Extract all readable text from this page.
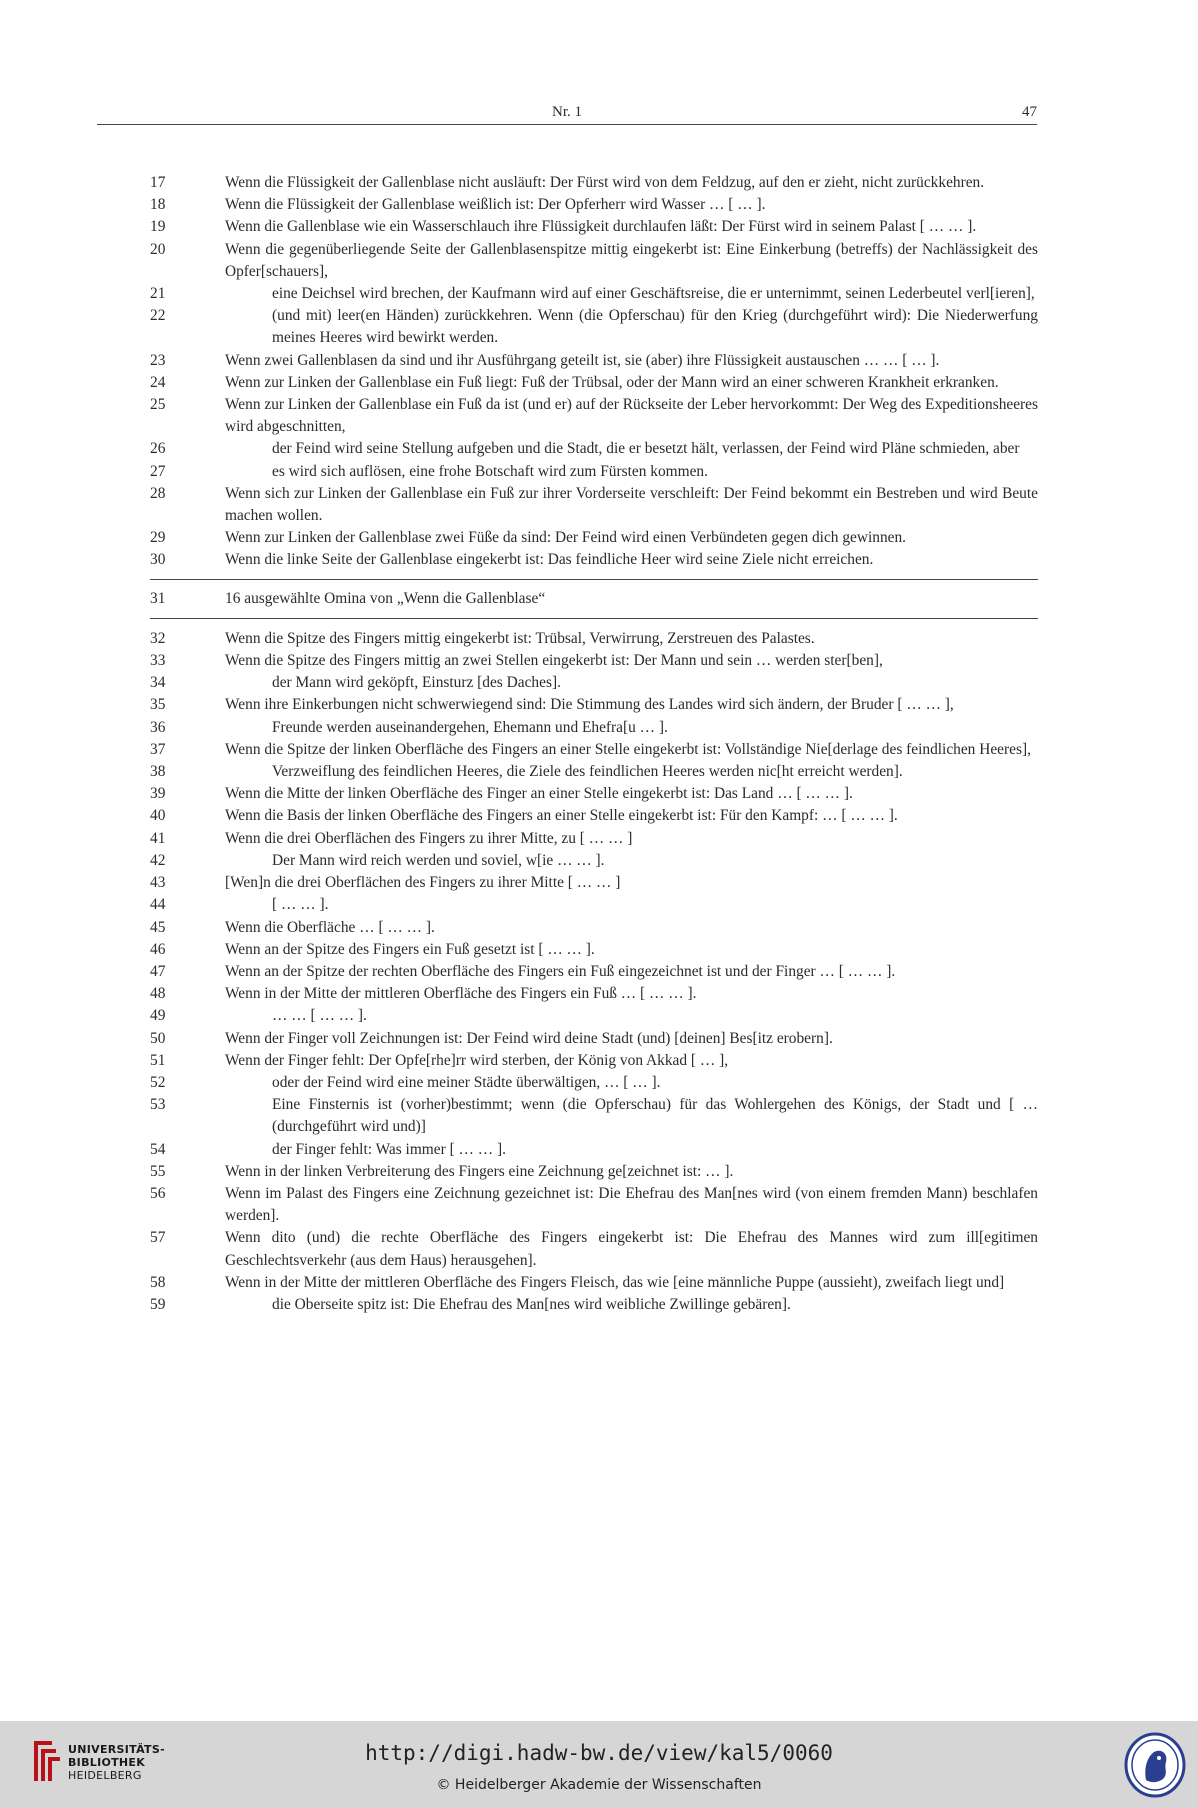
Nr. 1	47
17	Wenn die Flüssigkeit der Gallenblase nicht ausläuft: Der Fürst wird von dem Feldzug, auf den er zieht, nicht zurückkehren.
18	Wenn die Flüssigkeit der Gallenblase weißlich ist: Der Opferherr wird Wasser … [ … ].
19	Wenn die Gallenblase wie ein Wasserschlauch ihre Flüssigkeit durchlaufen läßt: Der Fürst wird in seinem Palast [ … … ].
20	Wenn die gegenüberliegende Seite der Gallenblasenspitze mittig eingekerbt ist: Eine Einkerbung (betreffs) der Nachlässigkeit des Opfer[schauers],
21	eine Deichsel wird brechen, der Kaufmann wird auf einer Geschäftsreise, die er unternimmt, seinen Lederbeutel verl[ieren],
22	(und mit) leer(en Händen) zurückkehren. Wenn (die Opferschau) für den Krieg (durchgeführt wird): Die Niederwerfung meines Heeres wird bewirkt werden.
23	Wenn zwei Gallenblasen da sind und ihr Ausführgang geteilt ist, sie (aber) ihre Flüssigkeit austauschen … … [ … ].
24	Wenn zur Linken der Gallenblase ein Fuß liegt: Fuß der Trübsal, oder der Mann wird an einer schweren Krankheit erkranken.
25	Wenn zur Linken der Gallenblase ein Fuß da ist (und er) auf der Rückseite der Leber hervorkommt: Der Weg des Expeditionsheeres wird abgeschnitten,
26	der Feind wird seine Stellung aufgeben und die Stadt, die er besetzt hält, verlassen, der Feind wird Pläne schmieden, aber
27	es wird sich auflösen, eine frohe Botschaft wird zum Fürsten kommen.
28	Wenn sich zur Linken der Gallenblase ein Fuß zur ihrer Vorderseite verschleift: Der Feind bekommt ein Bestreben und wird Beute machen wollen.
29	Wenn zur Linken der Gallenblase zwei Füße da sind: Der Feind wird einen Verbündeten gegen dich gewinnen.
30	Wenn die linke Seite der Gallenblase eingekerbt ist: Das feindliche Heer wird seine Ziele nicht erreichen.
31	16 ausgewählte Omina von „Wenn die Gallenblase“
32	Wenn die Spitze des Fingers mittig eingekerbt ist: Trübsal, Verwirrung, Zerstreuen des Palastes.
33	Wenn die Spitze des Fingers mittig an zwei Stellen eingekerbt ist: Der Mann und sein … werden ster[ben],
34	der Mann wird geköpft, Einsturz [des Daches].
35	Wenn ihre Einkerbungen nicht schwerwiegend sind: Die Stimmung des Landes wird sich ändern, der Bruder [ … … ],
36	Freunde werden auseinandergehen, Ehemann und Ehefra[u … ].
37	Wenn die Spitze der linken Oberfläche des Fingers an einer Stelle eingekerbt ist: Vollständige Nie[derlage des feindlichen Heeres],
38	Verzweiflung des feindlichen Heeres, die Ziele des feindlichen Heeres werden nic[ht erreicht werden].
39	Wenn die Mitte der linken Oberfläche des Finger an einer Stelle eingekerbt ist: Das Land … [ … … ].
40	Wenn die Basis der linken Oberfläche des Fingers an einer Stelle eingekerbt ist: Für den Kampf: … [ … … ].
41	Wenn die drei Oberflächen des Fingers zu ihrer Mitte, zu [ … … ]
42	Der Mann wird reich werden und soviel, w[ie … … ].
43	[Wen]n die drei Oberflächen des Fingers zu ihrer Mitte [ … … ]
44	[ … … ].
45	Wenn die Oberfläche … [ … … ].
46	Wenn an der Spitze des Fingers ein Fuß gesetzt ist [ … … ].
47	Wenn an der Spitze der rechten Oberfläche des Fingers ein Fuß eingezeichnet ist und der Finger … [ … … ].
48	Wenn in der Mitte der mittleren Oberfläche des Fingers ein Fuß … [ … … ].
49	… … [ … … ].
50	Wenn der Finger voll Zeichnungen ist: Der Feind wird deine Stadt (und) [deinen] Bes[itz erobern].
51	Wenn der Finger fehlt: Der Opfe[rhe]rr wird sterben, der König von Akkad [ … ],
52	oder der Feind wird eine meiner Städte überwältigen, … [ … ].
53	Eine Finsternis ist (vorher)bestimmt; wenn (die Opferschau) für das Wohlergehen des Königs, der Stadt und [ … (durchgeführt wird und)]
54	der Finger fehlt: Was immer [ … … ].
55	Wenn in der linken Verbreiterung des Fingers eine Zeichnung ge[zeichnet ist: … ].
56	Wenn im Palast des Fingers eine Zeichnung gezeichnet ist: Die Ehefrau des Man[nes wird (von einem fremden Mann) beschlafen werden].
57	Wenn dito (und) die rechte Oberfläche des Fingers eingekerbt ist: Die Ehefrau des Mannes wird zum ill[egitimen Geschlechtsverkehr (aus dem Haus) herausgehen].
58	Wenn in der Mitte der mittleren Oberfläche des Fingers Fleisch, das wie [eine männliche Puppe (aussieht), zweifach liegt und]
59	die Oberseite spitz ist: Die Ehefrau des Man[nes wird weibliche Zwillinge gebären].
UNIVERSITÄTS-
BIBLIOTHEK
HEIDELBERG
http://digi.hadw-bw.de/view/kal5/0060
© Heidelberger Akademie der Wissenschaften
